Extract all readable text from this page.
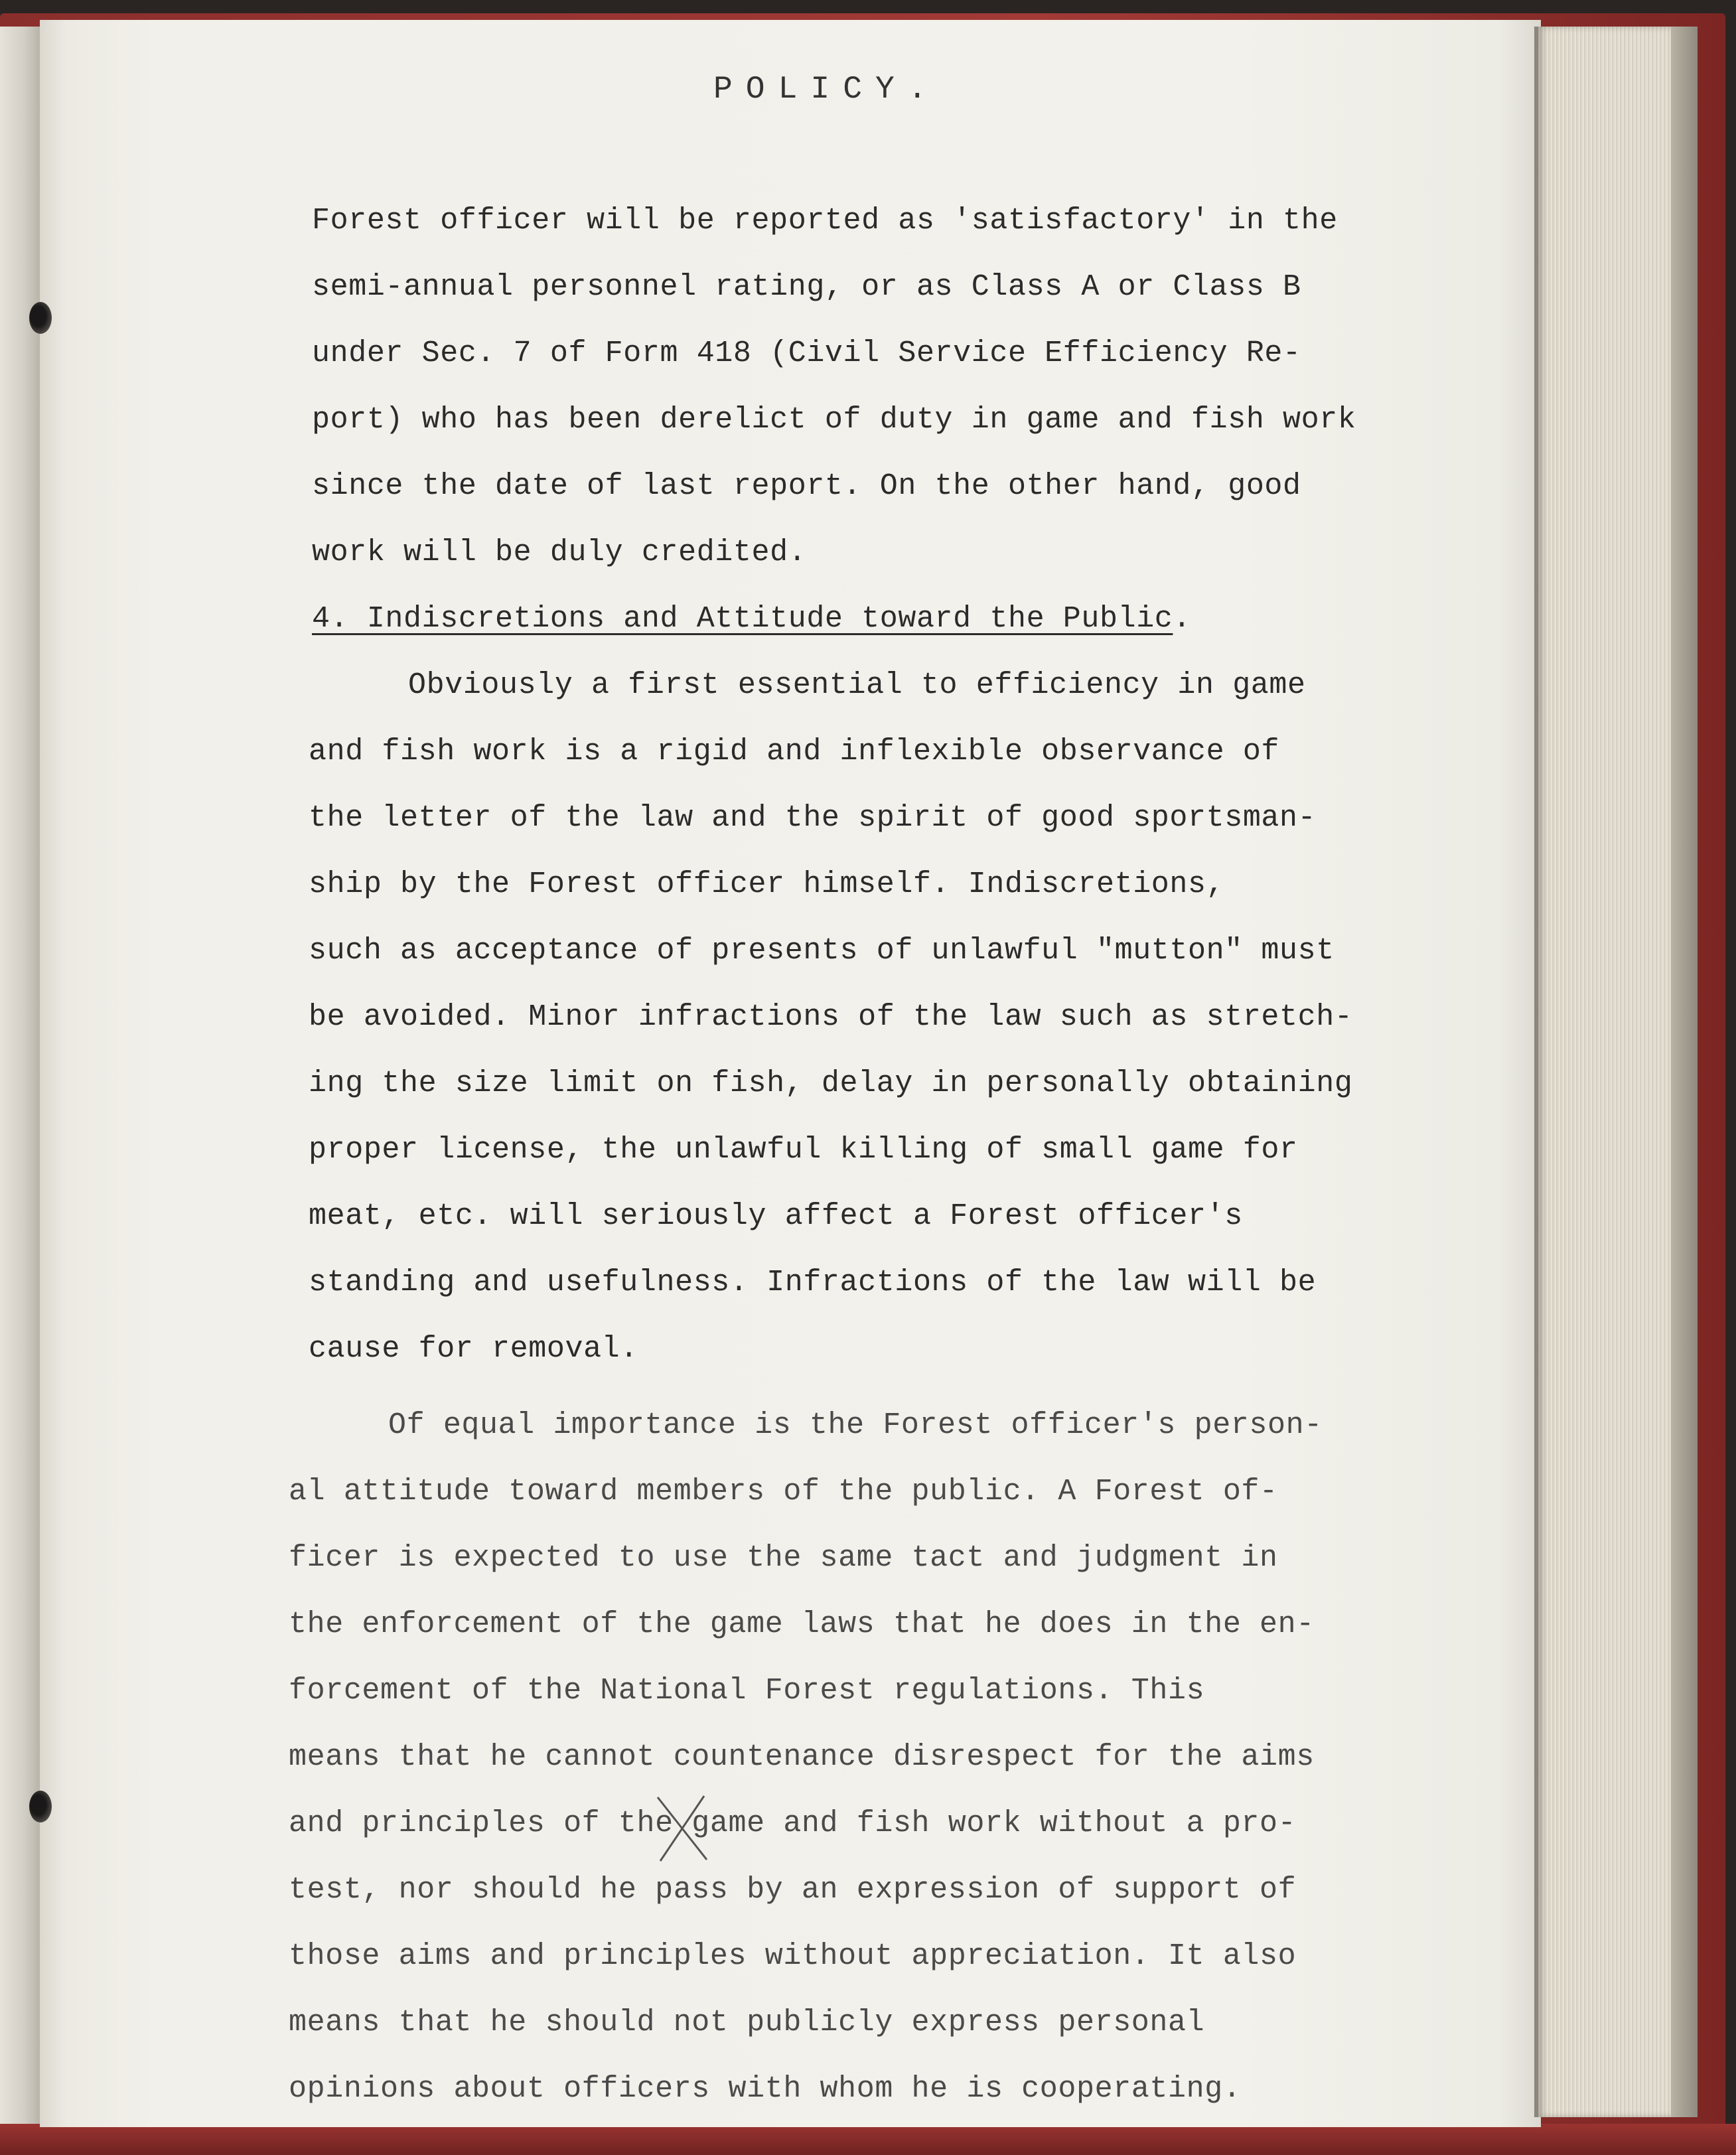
POLICY.
Forest officer will be reported as 'satisfactory' in the
semi-annual personnel rating, or as Class A or Class B
under Sec. 7 of Form 418 (Civil Service Efficiency Re-
port) who has been derelict of duty in game and fish work
since the date of last report. On the other hand, good
work will be duly credited.
4. Indiscretions and Attitude toward the Public.
Obviously a first essential to efficiency in game
and fish work is a rigid and inflexible observance of
the letter of the law and the spirit of good sportsman-
ship by the Forest officer himself. Indiscretions,
such as acceptance of presents of unlawful "mutton" must
be avoided. Minor infractions of the law such as stretch-
ing the size limit on fish, delay in personally obtaining
proper license, the unlawful killing of small game for
meat, etc. will seriously affect a Forest officer's
standing and usefulness. Infractions of the law will be
cause for removal.
Of equal importance is the Forest officer's person-
al attitude toward members of the public. A Forest of-
ficer is expected to use the same tact and judgment in
the enforcement of the game laws that he does in the en-
forcement of the National Forest regulations. This
means that he cannot countenance disrespect for the aims
and principles of the game and fish work without a pro-
test, nor should he pass by an expression of support of
those aims and principles without appreciation. It also
means that he should not publicly express personal
opinions about officers with whom he is cooperating.
